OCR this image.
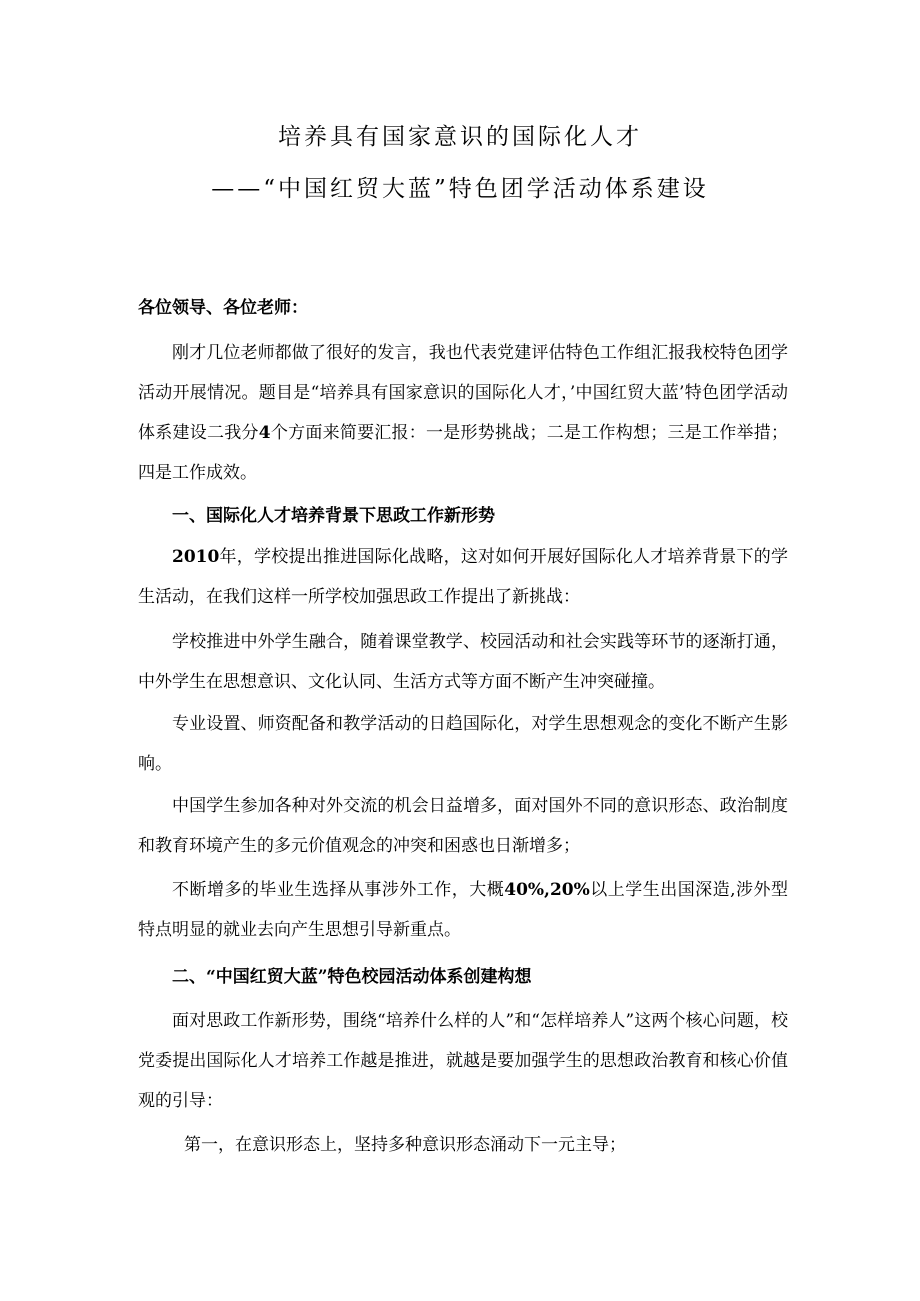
培养具有国家意识的国际化人才
——“中国红贸大蓝”特色团学活动体系建设

各位领导、各位老师：

刚才几位老师都做了很好的发言，我也代表党建评估特色工作组汇报我校特色团学活动开展情况。题目是“培养具有国家意识的国际化人才，’中国红贸大蓝’特色团学活动体系建设二我分4个方面来简要汇报：一是形势挑战；二是工作构想；三是工作举措；四是工作成效。

一、国际化人才培养背景下思政工作新形势

2010年，学校提出推进国际化战略，这对如何开展好国际化人才培养背景下的学生活动，在我们这样一所学校加强思政工作提出了新挑战：

学校推进中外学生融合，随着课堂教学、校园活动和社会实践等环节的逐渐打通，中外学生在思想意识、文化认同、生活方式等方面不断产生冲突碰撞。

专业设置、师资配备和教学活动的日趋国际化，对学生思想观念的变化不断产生影响。

中国学生参加各种对外交流的机会日益增多，面对国外不同的意识形态、政治制度和教育环境产生的多元价值观念的冲突和困惑也日渐增多；

不断增多的毕业生选择从事涉外工作，大概40%,20%以上学生出国深造,涉外型特点明显的就业去向产生思想引导新重点。

二、“中国红贸大蓝”特色校园活动体系创建构想

面对思政工作新形势，围绕“培养什么样的人”和“怎样培养人”这两个核心问题，校党委提出国际化人才培养工作越是推进，就越是要加强学生的思想政治教育和核心价值观的引导：

第一，在意识形态上，坚持多种意识形态涌动下一元主导；
